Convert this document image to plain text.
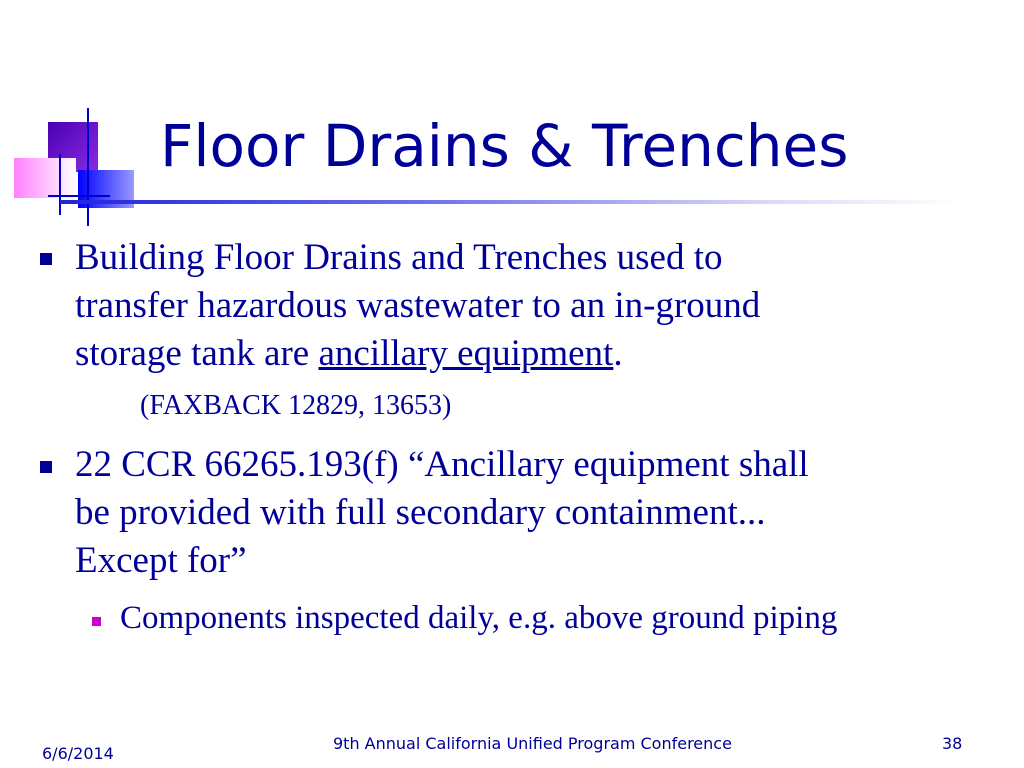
Floor Drains & Trenches
Building Floor Drains and Trenches used to
transfer hazardous wastewater to an in-ground
storage tank are ancillary equipment.
(FAXBACK 12829, 13653)
22 CCR 66265.193(f) “Ancillary equipment shall
be provided with full secondary containment...
Except for”
Components inspected daily, e.g. above ground piping
6/6/2014
9th Annual California Unified Program Conference	38
